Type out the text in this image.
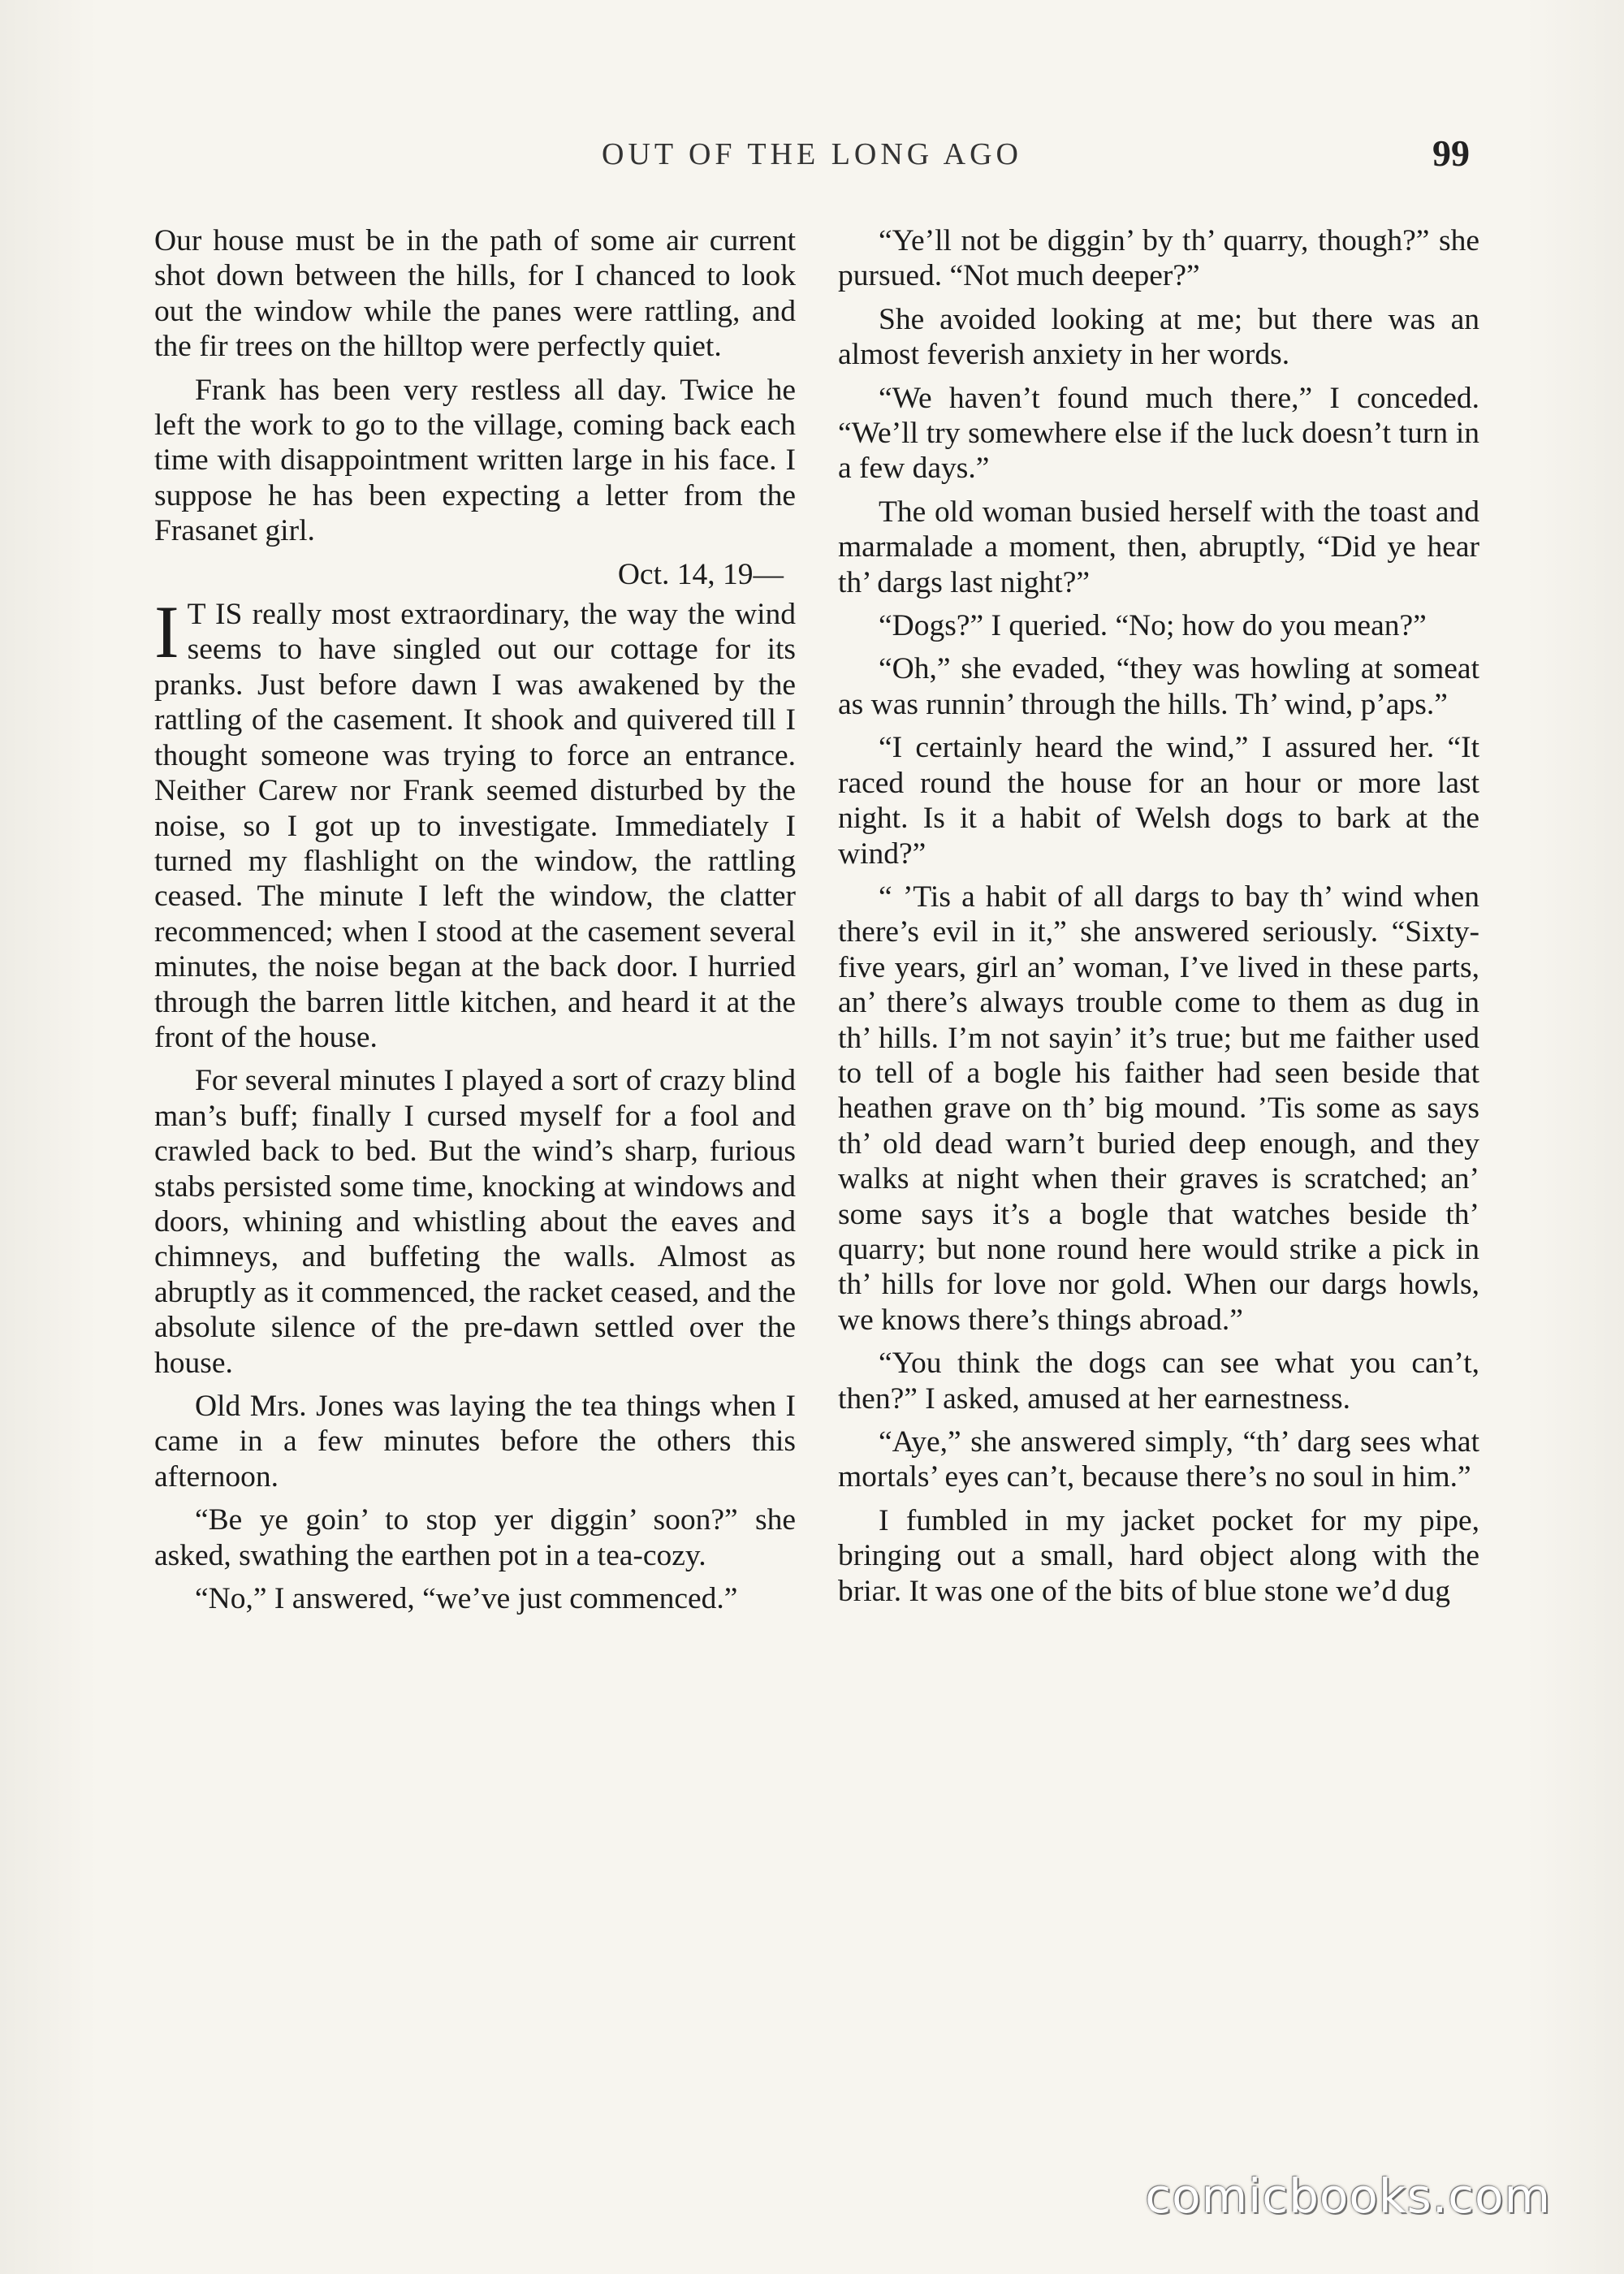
OUT OF THE LONG AGO	99

Our house must be in the path of some air current shot down between the hills, for I chanced to look out the window while the panes were rattling, and the fir trees on the hilltop were perfectly quiet.

Frank has been very restless all day. Twice he left the work to go to the village, coming back each time with disappointment written large in his face. I suppose he has been expecting a letter from the Frasanet girl.

Oct. 14, 19—

I T IS really most extraordinary, the way the wind seems to have singled out our cottage for its pranks. Just before dawn I was awakened by the rattling of the casement. It shook and quivered till I thought someone was trying to force an entrance. Neither Carew nor Frank seemed disturbed by the noise, so I got up to investigate. Immediately I turned my flashlight on the window, the rattling ceased. The minute I left the window, the clatter recommenced; when I stood at the casement several minutes, the noise began at the back door. I hurried through the barren little kitchen, and heard it at the front of the house.

For several minutes I played a sort of crazy blind man’s buff; finally I cursed myself for a fool and crawled back to bed. But the wind’s sharp, furious stabs persisted some time, knocking at windows and doors, whining and whistling about the eaves and chimneys, and buffeting the walls. Almost as abruptly as it commenced, the racket ceased, and the absolute silence of the pre-dawn settled over the house.

Old Mrs. Jones was laying the tea things when I came in a few minutes before the others this afternoon.

“Be ye goin’ to stop yer diggin’ soon?” she asked, swathing the earthen pot in a tea-cozy.

“No,” I answered, “we’ve just commenced.”

“Ye’ll not be diggin’ by th’ quarry, though?” she pursued. “Not much deeper?”

She avoided looking at me; but there was an almost feverish anxiety in her words.

“We haven’t found much there,” I conceded. “We’ll try somewhere else if the luck doesn’t turn in a few days.”

The old woman busied herself with the toast and marmalade a moment, then, abruptly, “Did ye hear th’ dargs last night?”

“Dogs?” I queried. “No; how do you mean?”

“Oh,” she evaded, “they was howling at someat as was runnin’ through the hills. Th’ wind, p’aps.”

“I certainly heard the wind,” I assured her. “It raced round the house for an hour or more last night. Is it a habit of Welsh dogs to bark at the wind?”

“ ’Tis a habit of all dargs to bay th’ wind when there’s evil in it,” she answered seriously. “Sixty-five years, girl an’ woman, I’ve lived in these parts, an’ there’s always trouble come to them as dug in th’ hills. I’m not sayin’ it’s true; but me faither used to tell of a bogle his faither had seen beside that heathen grave on th’ big mound. ’Tis some as says th’ old dead warn’t buried deep enough, and they walks at night when their graves is scratched; an’ some says it’s a bogle that watches beside th’ quarry; but none round here would strike a pick in th’ hills for love nor gold. When our dargs howls, we knows there’s things abroad.”

“You think the dogs can see what you can’t, then?” I asked, amused at her earnestness.

“Aye,” she answered simply, “th’ darg sees what mortals’ eyes can’t, because there’s no soul in him.”

I fumbled in my jacket pocket for my pipe, bringing out a small, hard object along with the briar. It was one of the bits of blue stone we’d dug

comicbooks.com
